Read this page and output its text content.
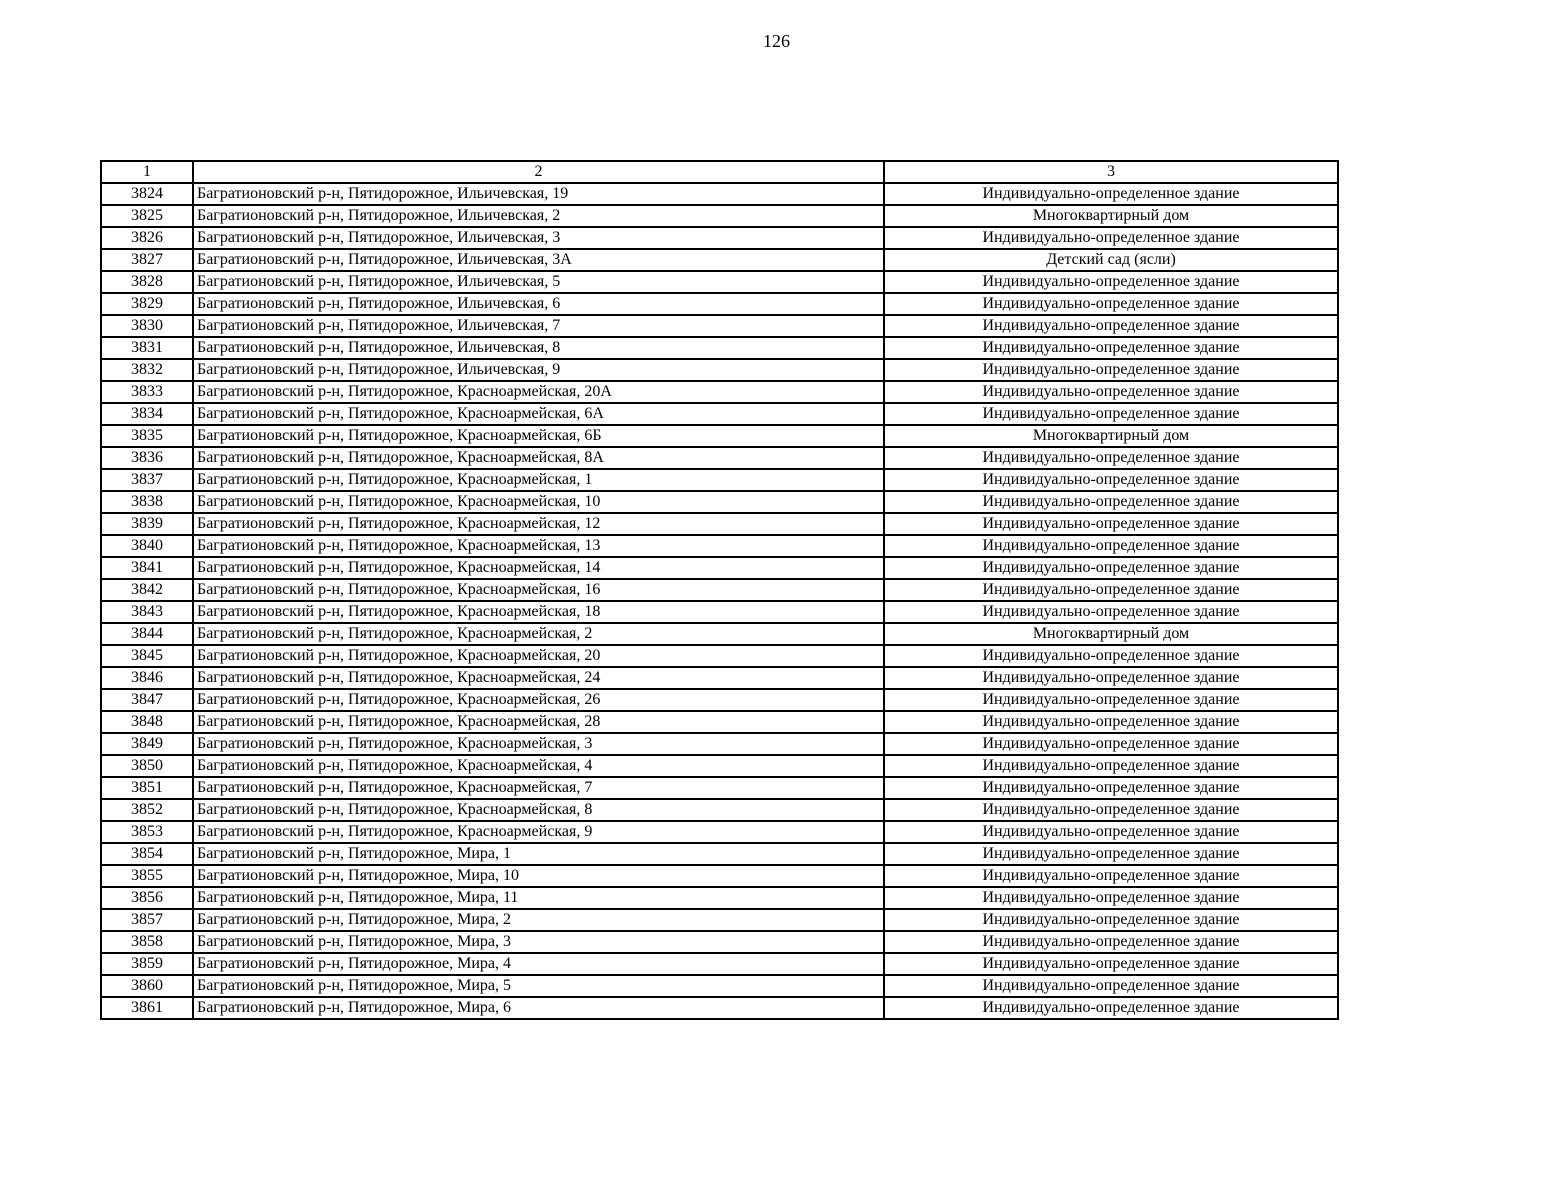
126
1	2	3
3824	Багратионовский р-н, Пятидорожное, Ильичевская, 19	Индивидуально-определенное здание
3825	Багратионовский р-н, Пятидорожное, Ильичевская, 2	Многоквартирный дом
3826	Багратионовский р-н, Пятидорожное, Ильичевская, 3	Индивидуально-определенное здание
3827	Багратионовский р-н, Пятидорожное, Ильичевская, 3А	Детский сад (ясли)
3828	Багратионовский р-н, Пятидорожное, Ильичевская, 5	Индивидуально-определенное здание
3829	Багратионовский р-н, Пятидорожное, Ильичевская, 6	Индивидуально-определенное здание
3830	Багратионовский р-н, Пятидорожное, Ильичевская, 7	Индивидуально-определенное здание
3831	Багратионовский р-н, Пятидорожное, Ильичевская, 8	Индивидуально-определенное здание
3832	Багратионовский р-н, Пятидорожное, Ильичевская, 9	Индивидуально-определенное здание
3833	Багратионовский р-н, Пятидорожное, Красноармейская, 20А	Индивидуально-определенное здание
3834	Багратионовский р-н, Пятидорожное, Красноармейская, 6А	Индивидуально-определенное здание
3835	Багратионовский р-н, Пятидорожное, Красноармейская, 6Б	Многоквартирный дом
3836	Багратионовский р-н, Пятидорожное, Красноармейская, 8А	Индивидуально-определенное здание
3837	Багратионовский р-н, Пятидорожное, Красноармейская, 1	Индивидуально-определенное здание
3838	Багратионовский р-н, Пятидорожное, Красноармейская, 10	Индивидуально-определенное здание
3839	Багратионовский р-н, Пятидорожное, Красноармейская, 12	Индивидуально-определенное здание
3840	Багратионовский р-н, Пятидорожное, Красноармейская, 13	Индивидуально-определенное здание
3841	Багратионовский р-н, Пятидорожное, Красноармейская, 14	Индивидуально-определенное здание
3842	Багратионовский р-н, Пятидорожное, Красноармейская, 16	Индивидуально-определенное здание
3843	Багратионовский р-н, Пятидорожное, Красноармейская, 18	Индивидуально-определенное здание
3844	Багратионовский р-н, Пятидорожное, Красноармейская, 2	Многоквартирный дом
3845	Багратионовский р-н, Пятидорожное, Красноармейская, 20	Индивидуально-определенное здание
3846	Багратионовский р-н, Пятидорожное, Красноармейская, 24	Индивидуально-определенное здание
3847	Багратионовский р-н, Пятидорожное, Красноармейская, 26	Индивидуально-определенное здание
3848	Багратионовский р-н, Пятидорожное, Красноармейская, 28	Индивидуально-определенное здание
3849	Багратионовский р-н, Пятидорожное, Красноармейская, 3	Индивидуально-определенное здание
3850	Багратионовский р-н, Пятидорожное, Красноармейская, 4	Индивидуально-определенное здание
3851	Багратионовский р-н, Пятидорожное, Красноармейская, 7	Индивидуально-определенное здание
3852	Багратионовский р-н, Пятидорожное, Красноармейская, 8	Индивидуально-определенное здание
3853	Багратионовский р-н, Пятидорожное, Красноармейская, 9	Индивидуально-определенное здание
3854	Багратионовский р-н, Пятидорожное, Мира, 1	Индивидуально-определенное здание
3855	Багратионовский р-н, Пятидорожное, Мира, 10	Индивидуально-определенное здание
3856	Багратионовский р-н, Пятидорожное, Мира, 11	Индивидуально-определенное здание
3857	Багратионовский р-н, Пятидорожное, Мира, 2	Индивидуально-определенное здание
3858	Багратионовский р-н, Пятидорожное, Мира, 3	Индивидуально-определенное здание
3859	Багратионовский р-н, Пятидорожное, Мира, 4	Индивидуально-определенное здание
3860	Багратионовский р-н, Пятидорожное, Мира, 5	Индивидуально-определенное здание
3861	Багратионовский р-н, Пятидорожное, Мира, 6	Индивидуально-определенное здание
